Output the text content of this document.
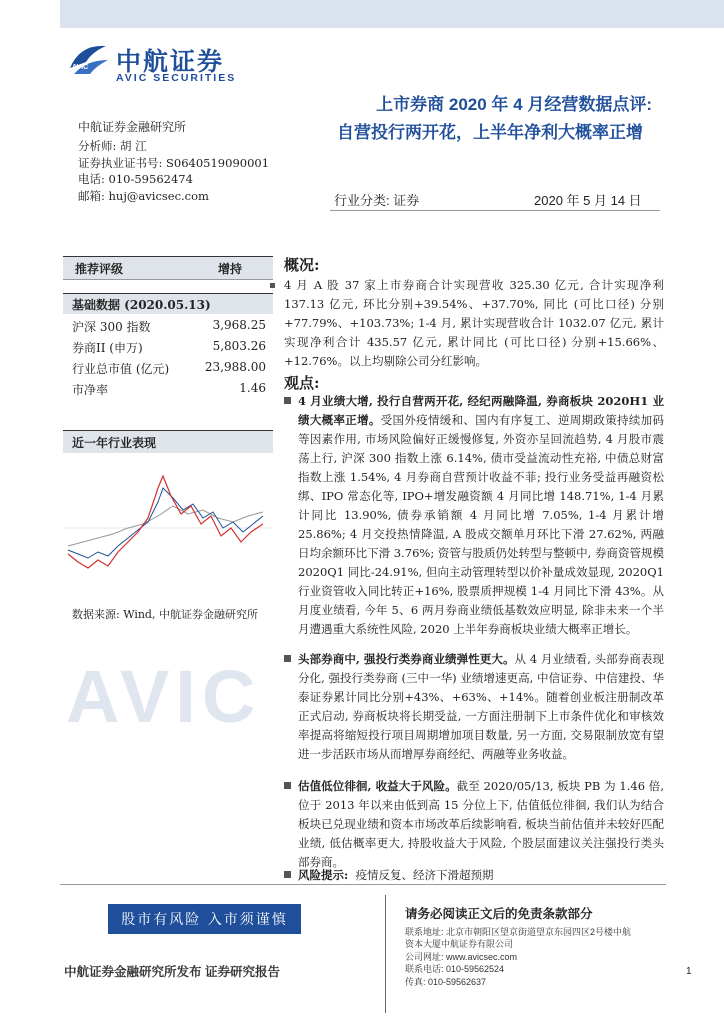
AVIC 中航证券
AVIC SECURITIES
上市券商 2020 年 4 月经营数据点评:
自营投行两开花，上半年净利大概率正增
中航证券金融研究所
分析师: 胡 江
证券执业证书号: S0640519090001
电话: 010-59562474
邮箱: huj@avicsec.com	行业分类: 证券	2020 年 5 月 14 日
AVIC
推荐评级	增持
基础数据 (2020.05.13)
沪深 300 指数	3,968.25
券商II (申万)	5,803.26
行业总市值 (亿元)	23,988.00
市净率	1.46
近一年行业表现
数据来源: Wind, 中航证券金融研究所
概况:
4 月 A 股 37 家上市券商合计实现营收 325.30 亿元, 合计实现净利 137.13 亿元, 环比分别+39.54%、+37.70%, 同比 (可比口径) 分别+77.79%、+103.73%; 1-4 月, 累计实现营收合计 1032.07 亿元, 累计实现净利合计 435.57 亿元, 累计同比 (可比口径) 分别+15.66%、+12.76%。以上均剔除公司分红影响。
观点:
4 月业绩大增, 投行自营两开花, 经纪两融降温, 券商板块 2020H1 业绩大概率正增。受国外疫情缓和、国内有序复工、逆周期政策持续加码等因素作用, 市场风险偏好正缓慢修复, 外资亦呈回流趋势, 4 月股市震荡上行, 沪深 300 指数上涨 6.14%, 债市受益流动性充裕, 中债总财富指数上涨 1.54%, 4 月券商自营预计收益不菲; 投行业务受益再融资松绑、IPO 常态化等, IPO+增发融资额 4 月同比增 148.71%, 1-4 月累计同比 13.90%, 债券承销额 4 月同比增 7.05%, 1-4 月累计增 25.86%; 4 月交投热情降温, A 股成交额单月环比下滑 27.62%, 两融日均余额环比下滑 3.76%; 资管与股质仍处转型与整顿中, 券商资管规模 2020Q1 同比-24.91%, 但向主动管理转型以价补量成效显现, 2020Q1 行业资管收入同比转正+16%, 股票质押规模 1-4 月同比下滑 43%。从月度业绩看, 今年 5、6 两月券商业绩低基数效应明显, 除非未来一个半月遭遇重大系统性风险, 2020 上半年券商板块业绩大概率正增长。
头部券商中, 强投行类券商业绩弹性更大。从 4 月业绩看, 头部券商表现分化, 强投行类券商 (三中一华) 业绩增速更高, 中信证券、中信建投、华泰证券累计同比分别+43%、+63%、+14%。随着创业板注册制改革正式启动, 券商板块将长期受益, 一方面注册制下上市条件优化和审核效率提高将缩短投行项目周期增加项目数量, 另一方面, 交易限制放宽有望进一步活跃市场从而增厚券商经纪、两融等业务收益。
估值低位徘徊, 收益大于风险。截至 2020/05/13, 板块 PB 为 1.46 倍, 位于 2013 年以来由低到高 15 分位上下, 估值低位徘徊, 我们认为结合板块已兑现业绩和资本市场改革后续影响看, 板块当前估值并未较好匹配业绩, 低估概率更大, 持股收益大于风险, 个股层面建议关注强投行类头部券商。
风险提示: 疫情反复、经济下滑超预期
股市有风险 入市须谨慎	请务必阅读正文后的免责条款部分
联系地址: 北京市朝阳区望京街道望京东园四区2号楼中航
资本大厦中航证券有限公司
公司网址: www.avicsec.com
联系电话: 010-59562524
传真: 010-59562637
中航证券金融研究所发布 证券研究报告	1
